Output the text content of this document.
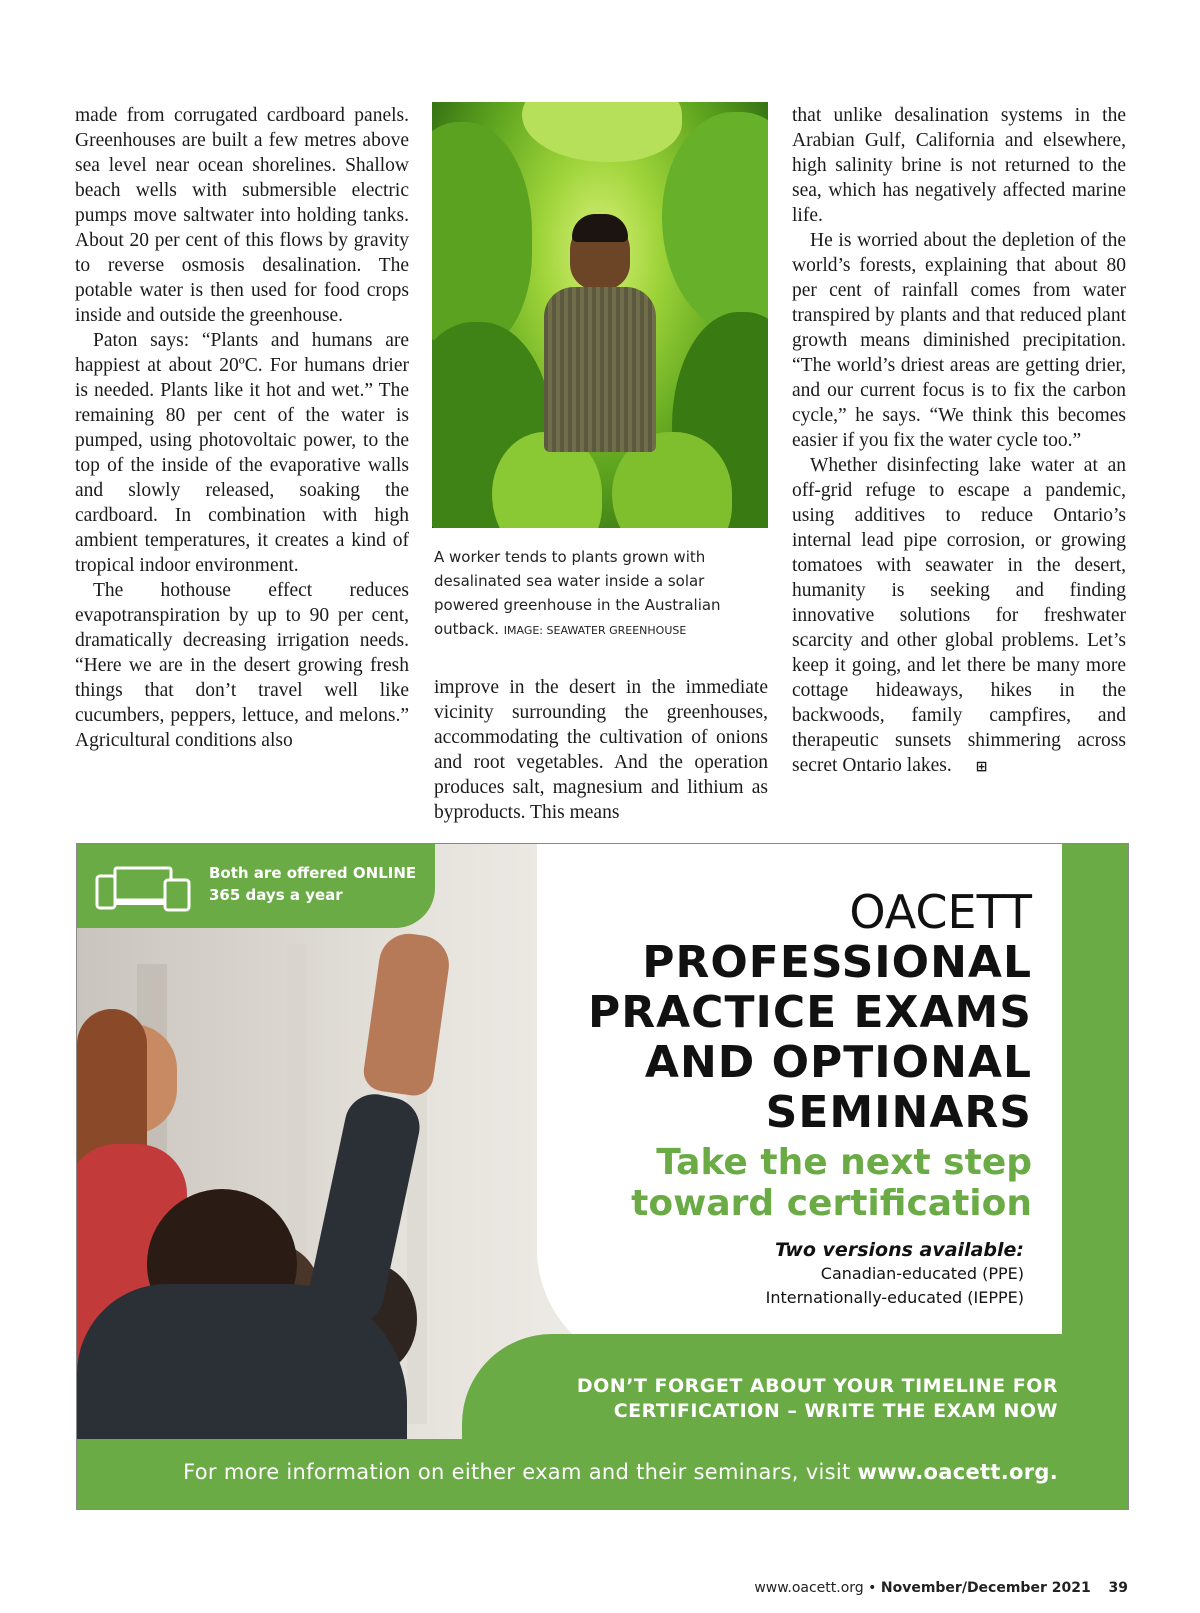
made from corrugated cardboard panels. Greenhouses are built a few metres above sea level near ocean shorelines. Shallow beach wells with submersible electric pumps move saltwater into holding tanks. About 20 per cent of this flows by gravity to reverse osmosis desalination. The potable water is then used for food crops inside and outside the greenhouse.

Paton says: “Plants and humans are happiest at about 20ºC. For humans drier is needed. Plants like it hot and wet.” The remaining 80 per cent of the water is pumped, using photovoltaic power, to the top of the inside of the evaporative walls and slowly released, soaking the cardboard. In combination with high ambient temperatures, it creates a kind of tropical indoor environment.

The hothouse effect reduces evapotranspiration by up to 90 per cent, dramatically decreasing irrigation needs. “Here we are in the desert growing fresh things that don’t travel well like cucumbers, peppers, lettuce, and melons.” Agricultural conditions also

A worker tends to plants grown with desalinated sea water inside a solar powered greenhouse in the Australian outback. IMAGE: SEAWATER GREENHOUSE

improve in the desert in the immediate vicinity surrounding the greenhouses, accommodating the cultivation of onions and root vegetables. And the operation produces salt, magnesium and lithium as byproducts. This means

that unlike desalination systems in the Arabian Gulf, California and elsewhere, high salinity brine is not returned to the sea, which has negatively affected marine life.

He is worried about the depletion of the world’s forests, explaining that about 80 per cent of rainfall comes from water transpired by plants and that reduced plant growth means diminished precipitation. “The world’s driest areas are getting drier, and our current focus is to fix the carbon cycle,” he says. “We think this becomes easier if you fix the water cycle too.”

Whether disinfecting lake water at an off-grid refuge to escape a pandemic, using additives to reduce Ontario’s internal lead pipe corrosion, or growing tomatoes with seawater in the desert, humanity is seeking and finding innovative solutions for freshwater scarcity and other global problems. Let’s keep it going, and let there be many more cottage hideaways, hikes in the backwoods, family campfires, and therapeutic sunsets shimmering across secret Ontario lakes. ⊞

Both are offered ONLINE
365 days a year	OACETT
PROFESSIONAL
PRACTICE EXAMS
AND OPTIONAL
SEMINARS
Take the next step
toward certification
Two versions available:
Canadian-educated (PPE)
Internationally-educated (IEPPE)
DON’T FORGET ABOUT YOUR TIMELINE FOR
CERTIFICATION – WRITE THE EXAM NOW
For more information on either exam and their seminars, visit www.oacett.org.
www.oacett.org • November/December 2021 39
